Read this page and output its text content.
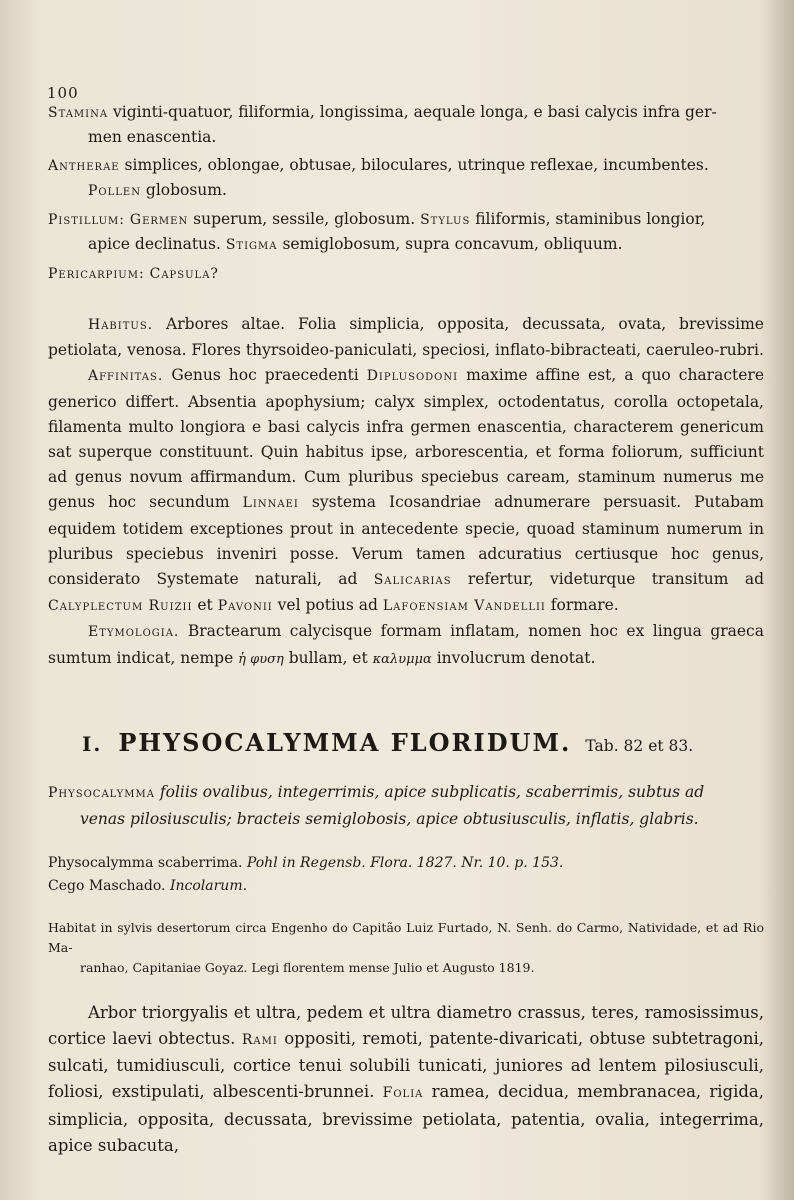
100
Stamina viginti-quatuor, filiformia, longissima, aequale longa, e basi calycis infra ger-
men enascentia.
Antherae simplices, oblongae, obtusae, biloculares, utrinque reflexae, incumbentes.
Pollen globosum.
Pistillum: Germen superum, sessile, globosum. Stylus filiformis, staminibus longior,
apice declinatus. Stigma semiglobosum, supra concavum, obliquum.
Pericarpium: Capsula?

Habitus. Arbores altae. Folia simplicia, opposita, decussata, ovata, brevissime petiolata, venosa. Flores thyrsoideo-paniculati, speciosi, inflato-bibracteati, caeruleo-rubri.

Affinitas. Genus hoc praecedenti Diplusodoni maxime affine est, a quo charactere generico differt. Absentia apophysium; calyx simplex, octodentatus, corolla octopetala, filamenta multo longiora e basi calycis infra germen enascentia, characterem genericum sat superque constituunt. Quin habitus ipse, arborescentia, et forma foliorum, sufficiunt ad genus novum affirmandum. Cum pluribus speciebus caream, staminum numerus me genus hoc secundum Linnaei systema Icosandriae adnumerare persuasit. Putabam equidem totidem exceptiones prout in antecedente specie, quoad staminum numerum in pluribus speciebus inveniri posse. Verum tamen adcuratius certiusque hoc genus, considerato Systemate naturali, ad Salicarias refertur, videturque transitum ad Calyplectum Ruizii et Pavonii vel potius ad Lafoensiam Vandellii formare.

Etymologia. Bractearum calycisque formam inflatam, nomen hoc ex lingua graeca sumtum indicat, nempe ἡ φυση bullam, et καλυμμα involucrum denotat.

I. PHYSOCALYMMA FLORIDUM. Tab. 82 et 83.
Physocalymma foliis ovalibus, integerrimis, apice subplicatis, scaberrimis, subtus ad
venas pilosiusculis; bracteis semiglobosis, apice obtusiusculis, inflatis, glabris.
Physocalymma scaberrima. Pohl in Regensb. Flora. 1827. Nr. 10. p. 153.
Cego Maschado. Incolarum.
Habitat in sylvis desertorum circa Engenho do Capitão Luiz Furtado, N. Senh. do Carmo, Natividade, et ad Rio Ma-
ranhao, Capitaniae Goyaz. Legi florentem mense Julio et Augusto 1819.

Arbor triorgyalis et ultra, pedem et ultra diametro crassus, teres, ramosissimus, cortice laevi obtectus. Rami oppositi, remoti, patente-divaricati, obtuse subtetragoni, sulcati, tumidiusculi, cortice tenui solubili tunicati, juniores ad lentem pilosiusculi, foliosi, exstipulati, albescenti-brunnei. Folia ramea, decidua, membranacea, rigida, simplicia, opposita, decussata, brevissime petiolata, patentia, ovalia, integerrima, apice subacuta,
